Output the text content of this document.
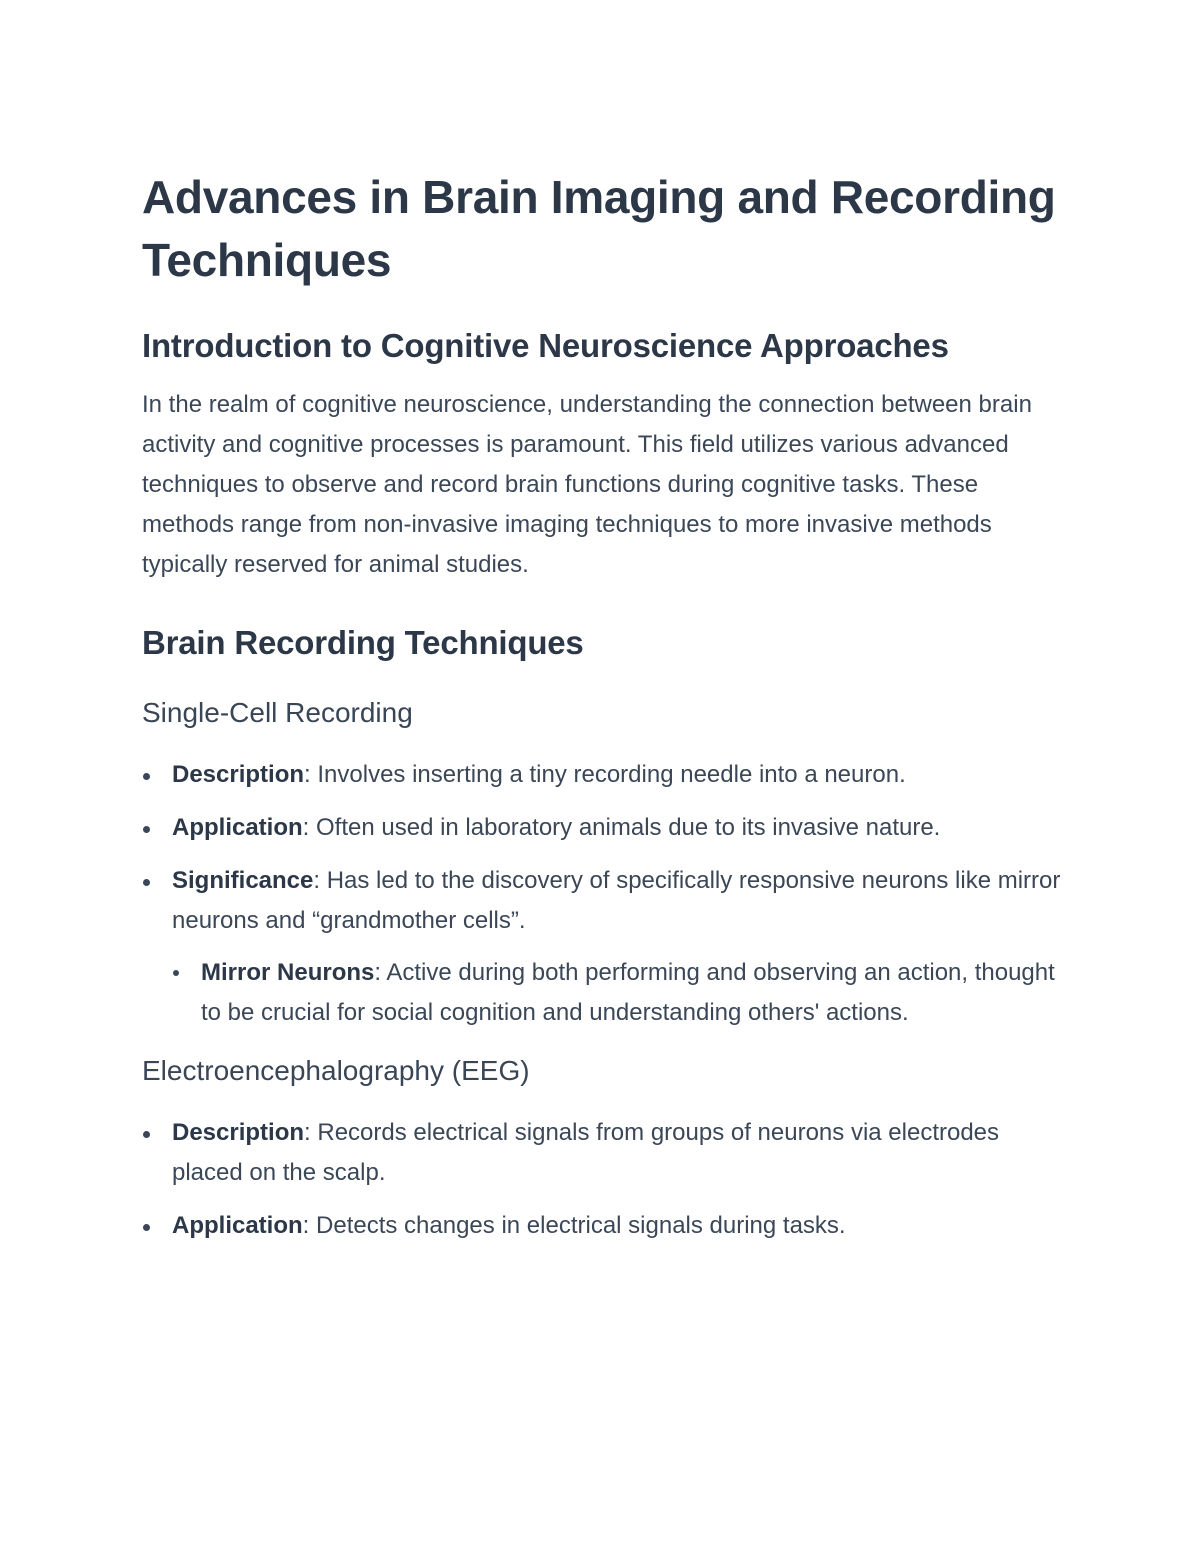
Advances in Brain Imaging and Recording Techniques
Introduction to Cognitive Neuroscience Approaches

In the realm of cognitive neuroscience, understanding the connection between brain activity and cognitive processes is paramount. This field utilizes various advanced techniques to observe and record brain functions during cognitive tasks. These methods range from non-invasive imaging techniques to more invasive methods typically reserved for animal studies.

Brain Recording Techniques
Single-Cell Recording
Description: Involves inserting a tiny recording needle into a neuron.
Application: Often used in laboratory animals due to its invasive nature.
Significance: Has led to the discovery of specifically responsive neurons like mirror neurons and “grandmother cells”.
Mirror Neurons: Active during both performing and observing an action, thought to be crucial for social cognition and understanding others' actions.
Electroencephalography (EEG)
Description: Records electrical signals from groups of neurons via electrodes placed on the scalp.
Application: Detects changes in electrical signals during tasks.
